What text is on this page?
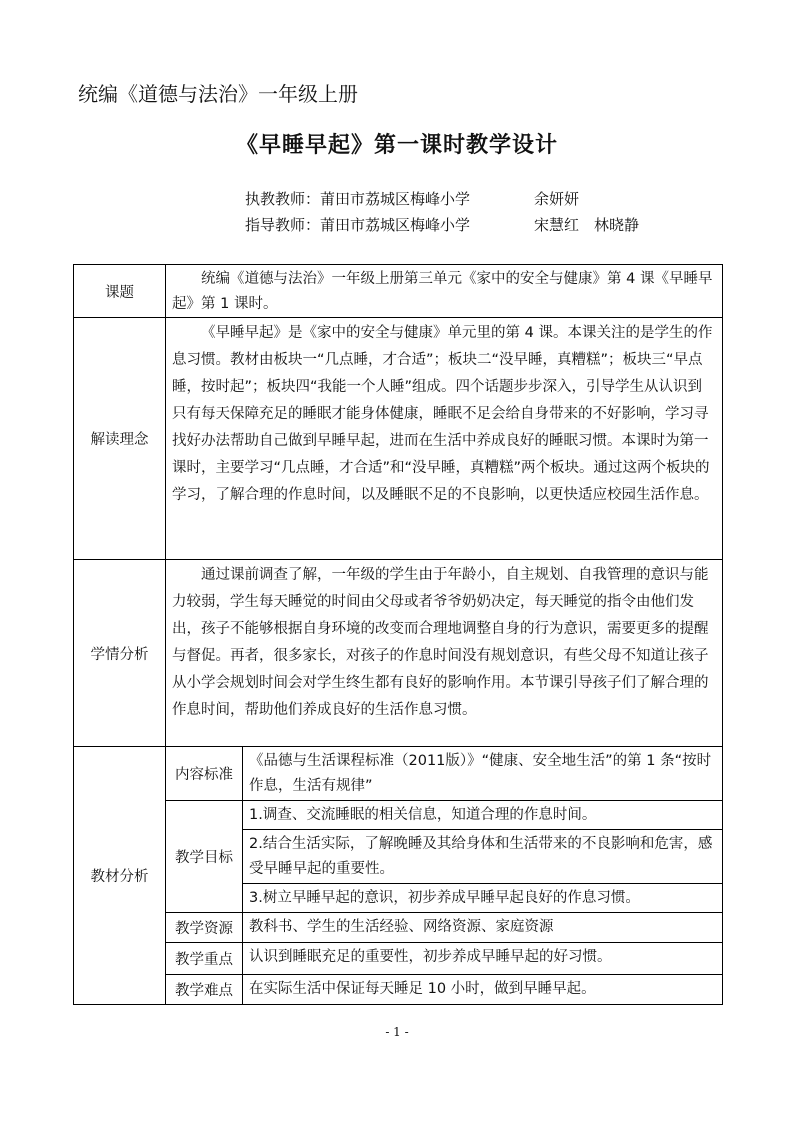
统编《道德与法治》一年级上册
《早睡早起》第一课时教学设计
执教教师：莆田市荔城区梅峰小学	余妍妍
指导教师：莆田市荔城区梅峰小学	宋慧红　林晓静
课题	统编《道德与法治》一年级上册第三单元《家中的安全与健康》第 4 课《早睡早起》第 1 课时。	

解读理念	《早睡早起》是《家中的安全与健康》单元里的第 4 课。本课关注的是学生的作息习惯。教材由板块一“几点睡，才合适”；板块二“没早睡，真糟糕”；板块三“早点睡，按时起”；板块四“我能一个人睡”组成。四个话题步步深入，引导学生从认识到只有每天保障充足的睡眠才能身体健康，睡眠不足会给自身带来的不好影响，学习寻找好办法帮助自己做到早睡早起，进而在生活中养成良好的睡眠习惯。本课时为第一课时，主要学习“几点睡，才合适”和“没早睡，真糟糕”两个板块。通过这两个板块的学习，了解合理的作息时间，以及睡眠不足的不良影响，以更快适应校园生活作息。	

学情分析	通过课前调查了解，一年级的学生由于年龄小，自主规划、自我管理的意识与能力较弱，学生每天睡觉的时间由父母或者爷爷奶奶决定，每天睡觉的指令由他们发出，孩子不能够根据自身环境的改变而合理地调整自身的行为意识，需要更多的提醒与督促。再者，很多家长，对孩子的作息时间没有规划意识，有些父母不知道让孩子从小学会规划时间会对学生终生都有良好的影响作用。本节课引导孩子们了解合理的作息时间，帮助他们养成良好的生活作息习惯。	

教材分析	内容标准	《品德与生活课程标准（2011版）》“健康、安全地生活”的第 1 条“按时作息，生活有规律”

	教学目标	1.调查、交流睡眠的相关信息，知道合理的作息时间。

		2.结合生活实际，了解晚睡及其给身体和生活带来的不良影响和危害，感受早睡早起的重要性。

		3.树立早睡早起的意识，初步养成早睡早起良好的作息习惯。

	教学资源	教科书、学生的生活经验、网络资源、家庭资源

	教学重点	认识到睡眠充足的重要性，初步养成早睡早起的好习惯。

	教学难点	在实际生活中保证每天睡足 10 小时，做到早睡早起。
- 1 -
